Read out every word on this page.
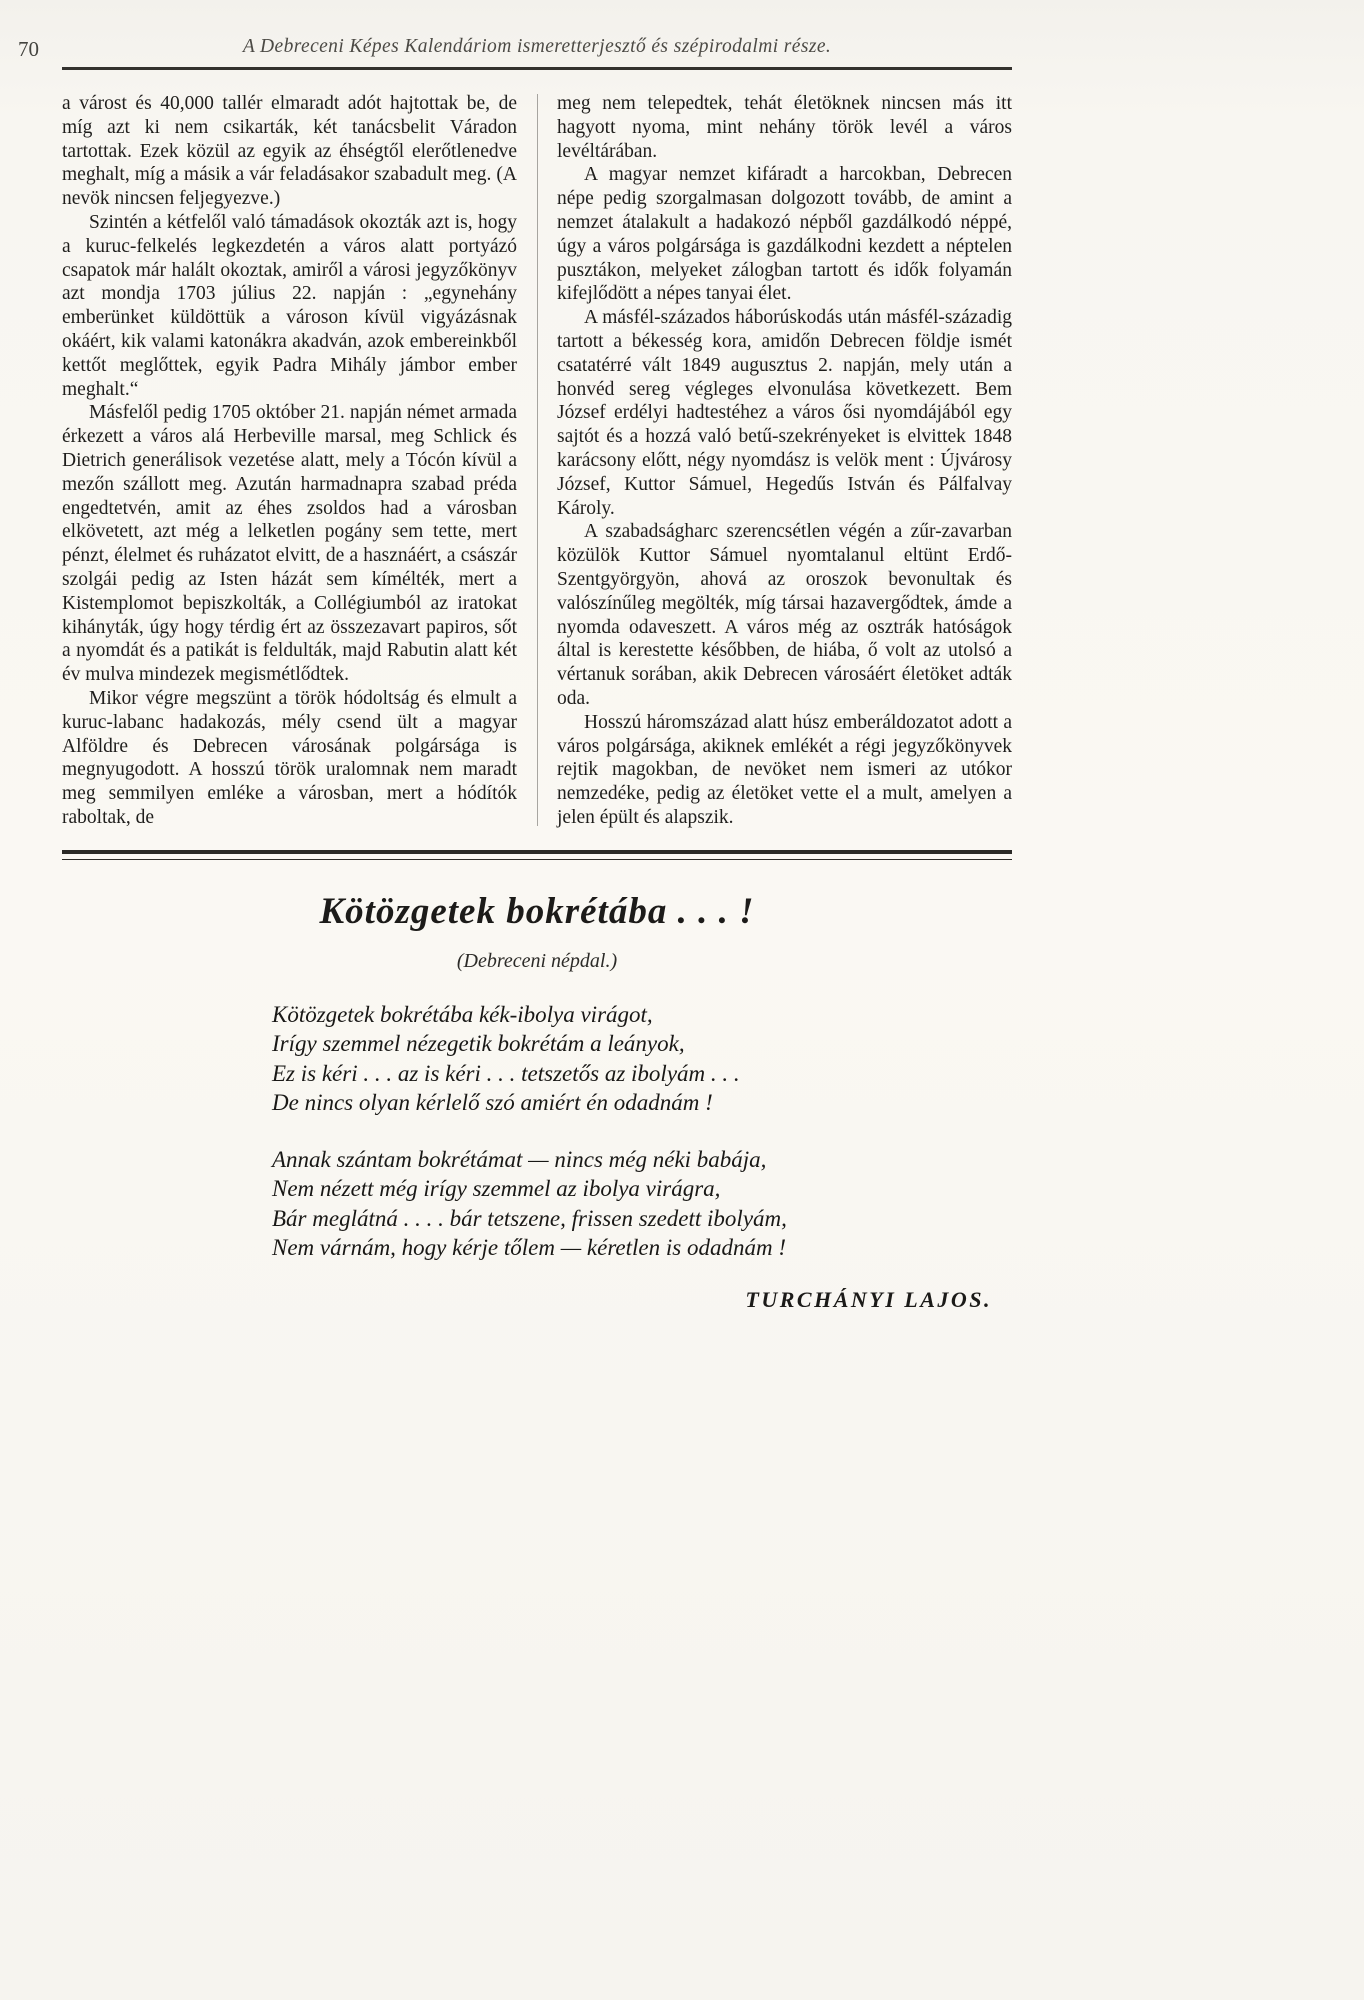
70	A Debreceni Képes Kalendáriom ismeretterjesztő és szépirodalmi része.

a várost és 40,000 tallér elmaradt adót hajtottak be, de míg azt ki nem csikarták, két tanácsbelit Váradon tartottak. Ezek közül az egyik az éhségtől elerőtlenedve meghalt, míg a másik a vár feladásakor szabadult meg. (A nevök nincsen feljegyezve.)

Szintén a kétfelől való támadások okozták azt is, hogy a kuruc-felkelés legkezdetén a város alatt portyázó csapatok már halált okoztak, amiről a városi jegyzőkönyv azt mondja 1703 július 22. napján : „egynehány emberünket küldöttük a városon kívül vigyázásnak okáért, kik valami katonákra akadván, azok embereinkből kettőt meglőttek, egyik Padra Mihály jámbor ember meghalt.“

Másfelől pedig 1705 október 21. napján német armada érkezett a város alá Herbeville marsal, meg Schlick és Dietrich generálisok vezetése alatt, mely a Tócón kívül a mezőn szállott meg. Azután harmadnapra szabad préda engedtetvén, amit az éhes zsoldos had a városban elkövetett, azt még a lelketlen pogány sem tette, mert pénzt, élelmet és ruházatot elvitt, de a hasznáért, a császár szolgái pedig az Isten házát sem kímélték, mert a Kistemplomot bepiszkolták, a Collégiumból az iratokat kihányták, úgy hogy térdig ért az összezavart papiros, sőt a nyomdát és a patikát is feldulták, majd Rabutin alatt két év mulva mindezek megismétlődtek.

Mikor végre megszünt a török hódoltság és elmult a kuruc-labanc hadakozás, mély csend ült a magyar Alföldre és Debrecen városának polgársága is megnyugodott. A hosszú török uralomnak nem maradt meg semmilyen emléke a városban, mert a hódítók raboltak, de

meg nem telepedtek, tehát életöknek nincsen más itt hagyott nyoma, mint nehány török levél a város levéltárában.

A magyar nemzet kifáradt a harcokban, Debrecen népe pedig szorgalmasan dolgozott tovább, de amint a nemzet átalakult a hadakozó népből gazdálkodó néppé, úgy a város polgársága is gazdálkodni kezdett a néptelen pusztákon, melyeket zálogban tartott és idők folyamán kifejlődött a népes tanyai élet.

A másfél-százados háborúskodás után másfél-századig tartott a békesség kora, amidőn Debrecen földje ismét csatatérré vált 1849 augusztus 2. napján, mely után a honvéd sereg végleges elvonulása következett. Bem József erdélyi hadtestéhez a város ősi nyomdájából egy sajtót és a hozzá való betű-szekrényeket is elvittek 1848 karácsony előtt, négy nyomdász is velök ment : Újvárosy József, Kuttor Sámuel, Hegedűs István és Pálfalvay Károly.

A szabadságharc szerencsétlen végén a zűr-zavarban közülök Kuttor Sámuel nyomtalanul eltünt Erdő-Szentgyörgyön, ahová az oroszok bevonultak és valószínűleg megölték, míg társai hazavergődtek, ámde a nyomda odaveszett. A város még az osztrák hatóságok által is kerestette későbben, de hiába, ő volt az utolsó a vértanuk sorában, akik Debrecen városáért életöket adták oda.

Hosszú háromszázad alatt húsz emberáldozatot adott a város polgársága, akiknek emlékét a régi jegyzőkönyvek rejtik magokban, de nevöket nem ismeri az utókor nemzedéke, pedig az életöket vette el a mult, amelyen a jelen épült és alapszik.

Kötözgetek bokrétába . . . !
(Debreceni népdal.)
Kötözgetek bokrétába kék-ibolya virágot,
Irígy szemmel nézegetik bokrétám a leányok,
Ez is kéri . . . az is kéri . . . tetszetős az ibolyám . . .
De nincs olyan kérlelő szó amiért én odadnám !
Annak szántam bokrétámat — nincs még néki babája,
Nem nézett még irígy szemmel az ibolya virágra,
Bár meglátná . . . . bár tetszene, frissen szedett ibolyám,
Nem várnám, hogy kérje tőlem — kéretlen is odadnám !
TURCHÁNYI LAJOS.
